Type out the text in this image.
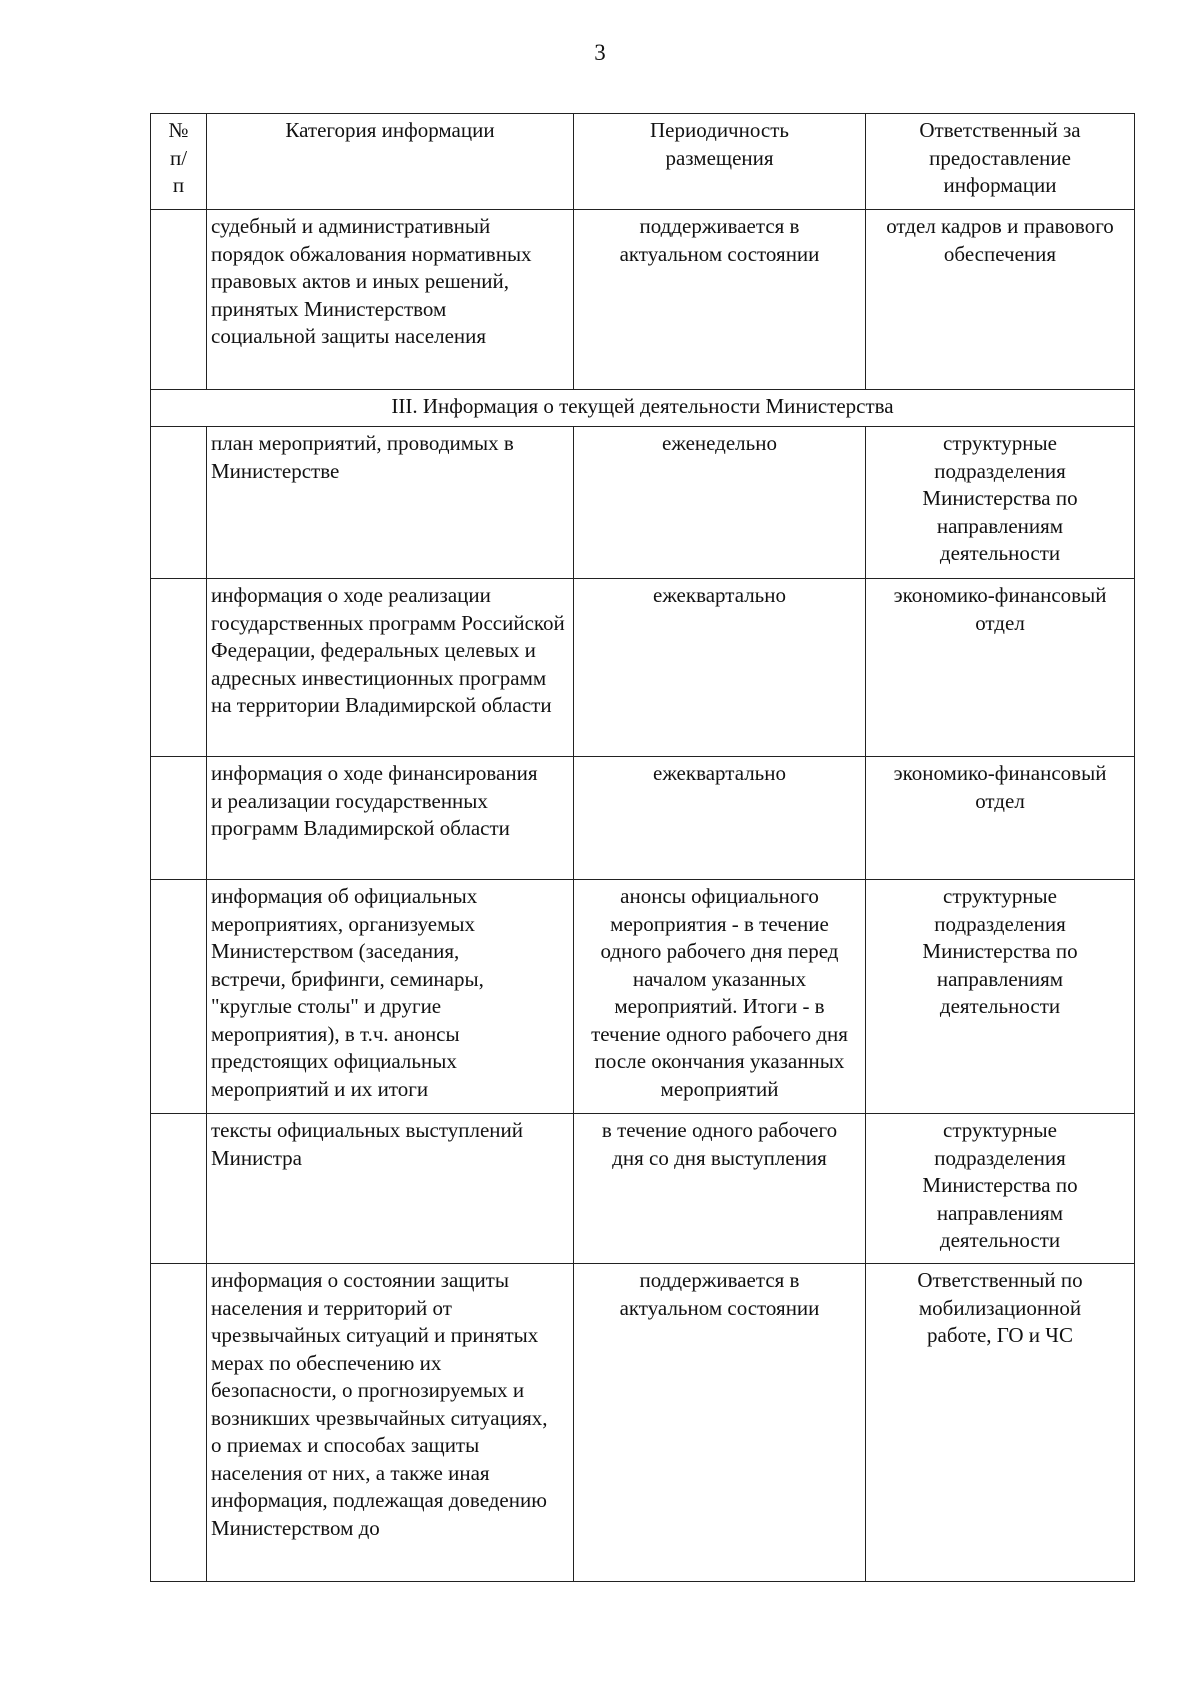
3
№ п/п	Категория информации	Периодичность размещения	Ответственный за предоставление информации
	судебный и административный порядок обжалования нормативных правовых актов и иных решений, принятых Министерством социальной защиты населения	поддерживается в актуальном состоянии	отдел кадров и правового обеспечения
III. Информация о текущей деятельности Министерства			
	план мероприятий, проводимых в Министерстве	еженедельно	структурные подразделения Министерства по направлениям деятельности
	информация о ходе реализации государственных программ Российской Федерации, федеральных целевых и адресных инвестиционных программ на территории Владимирской области	ежеквартально	экономико-финансовый отдел
	информация о ходе финансирования и реализации государственных программ Владимирской области	ежеквартально	экономико-финансовый отдел
	информация об официальных мероприятиях, организуемых Министерством (заседания, встречи, брифинги, семинары, "круглые столы" и другие мероприятия), в т.ч. анонсы предстоящих официальных мероприятий и их итоги	анонсы официального мероприятия - в течение одного рабочего дня перед началом указанных мероприятий. Итоги - в течение одного рабочего дня после окончания указанных мероприятий	структурные подразделения Министерства по направлениям деятельности
	тексты официальных выступлений Министра	в течение одного рабочего дня со дня выступления	структурные подразделения Министерства по направлениям деятельности
	информация о состоянии защиты населения и территорий от чрезвычайных ситуаций и принятых мерах по обеспечению их безопасности, о прогнозируемых и возникших чрезвычайных ситуациях, о приемах и способах защиты населения от них, а также иная информация, подлежащая доведению Министерством до	поддерживается в актуальном состоянии	Ответственный по мобилизационной работе, ГО и ЧС
